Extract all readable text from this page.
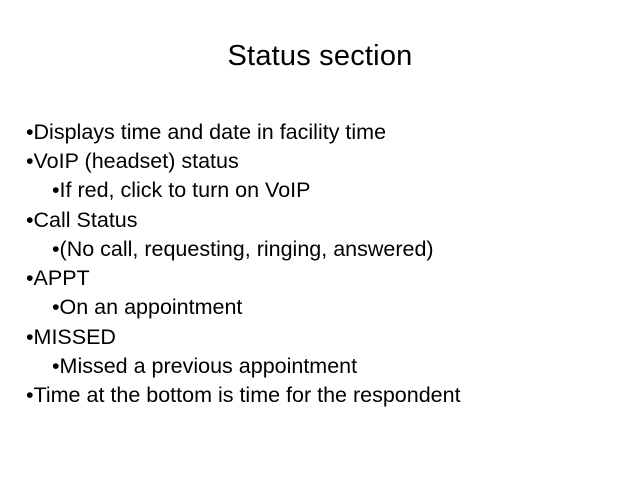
Status section
•Displays time and date in facility time
•VoIP (headset) status
•If red, click to turn on VoIP
•Call Status
•(No call, requesting, ringing, answered)
•APPT
•On an appointment
•MISSED
•Missed a previous appointment
•Time at the bottom is time for the respondent
